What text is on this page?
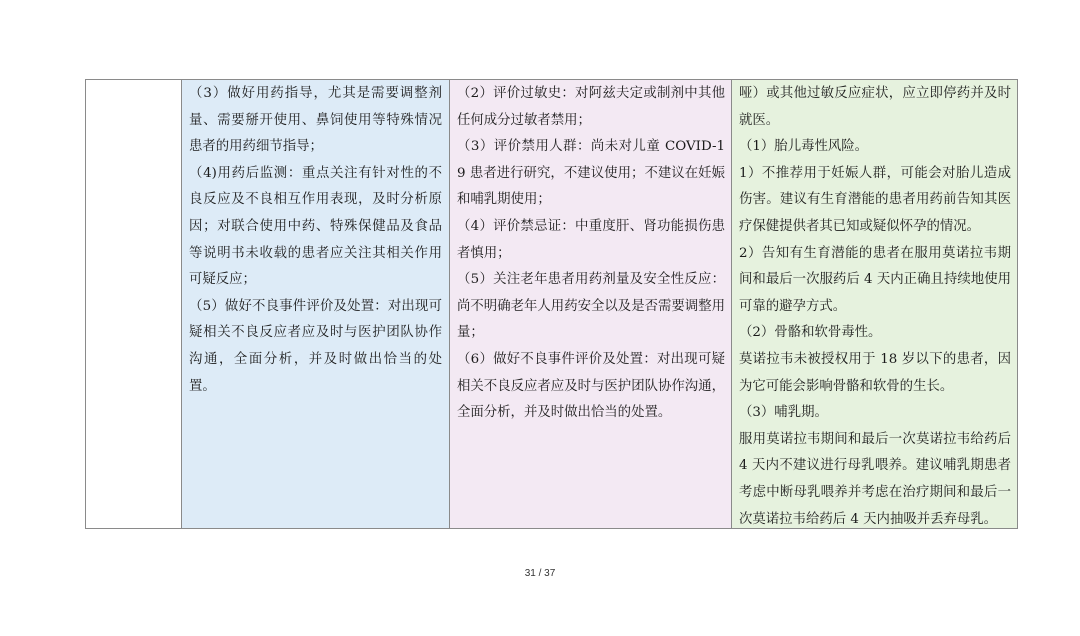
（3）做好用药指导，尤其是需要调整剂量、需要掰开使用、鼻饲使用等特殊情况患者的用药细节指导；

（4)用药后监测：重点关注有针对性的不良反应及不良相互作用表现，及时分析原因；对联合使用中药、特殊保健品及食品等说明书未收载的患者应关注其相关作用可疑反应；

（5）做好不良事件评价及处置：对出现可疑相关不良反应者应及时与医护团队协作沟通，全面分析，并及时做出恰当的处置。

（2）评价过敏史：对阿兹夫定或制剂中其他任何成分过敏者禁用；

（3）评价禁用人群：尚未对儿童 COVID-19 患者进行研究，不建议使用；不建议在妊娠和哺乳期使用；

（4）评价禁忌证：中重度肝、肾功能损伤患者慎用；

（5）关注老年患者用药剂量及安全性反应：尚不明确老年人用药安全以及是否需要调整用量；

（6）做好不良事件评价及处置：对出现可疑相关不良反应者应及时与医护团队协作沟通，全面分析，并及时做出恰当的处置。

哑）或其他过敏反应症状，应立即停药并及时就医。

（1）胎儿毒性风险。

1）不推荐用于妊娠人群，可能会对胎儿造成伤害。建议有生育潜能的患者用药前告知其医疗保健提供者其已知或疑似怀孕的情况。

2）告知有生育潜能的患者在服用莫诺拉韦期间和最后一次服药后 4 天内正确且持续地使用可靠的避孕方式。

（2）骨骼和软骨毒性。

莫诺拉韦未被授权用于 18 岁以下的患者，因为它可能会影响骨骼和软骨的生长。

（3）哺乳期。

服用莫诺拉韦期间和最后一次莫诺拉韦给药后 4 天内不建议进行母乳喂养。建议哺乳期患者考虑中断母乳喂养并考虑在治疗期间和最后一次莫诺拉韦给药后 4 天内抽吸并丢弃母乳。

31 / 37
